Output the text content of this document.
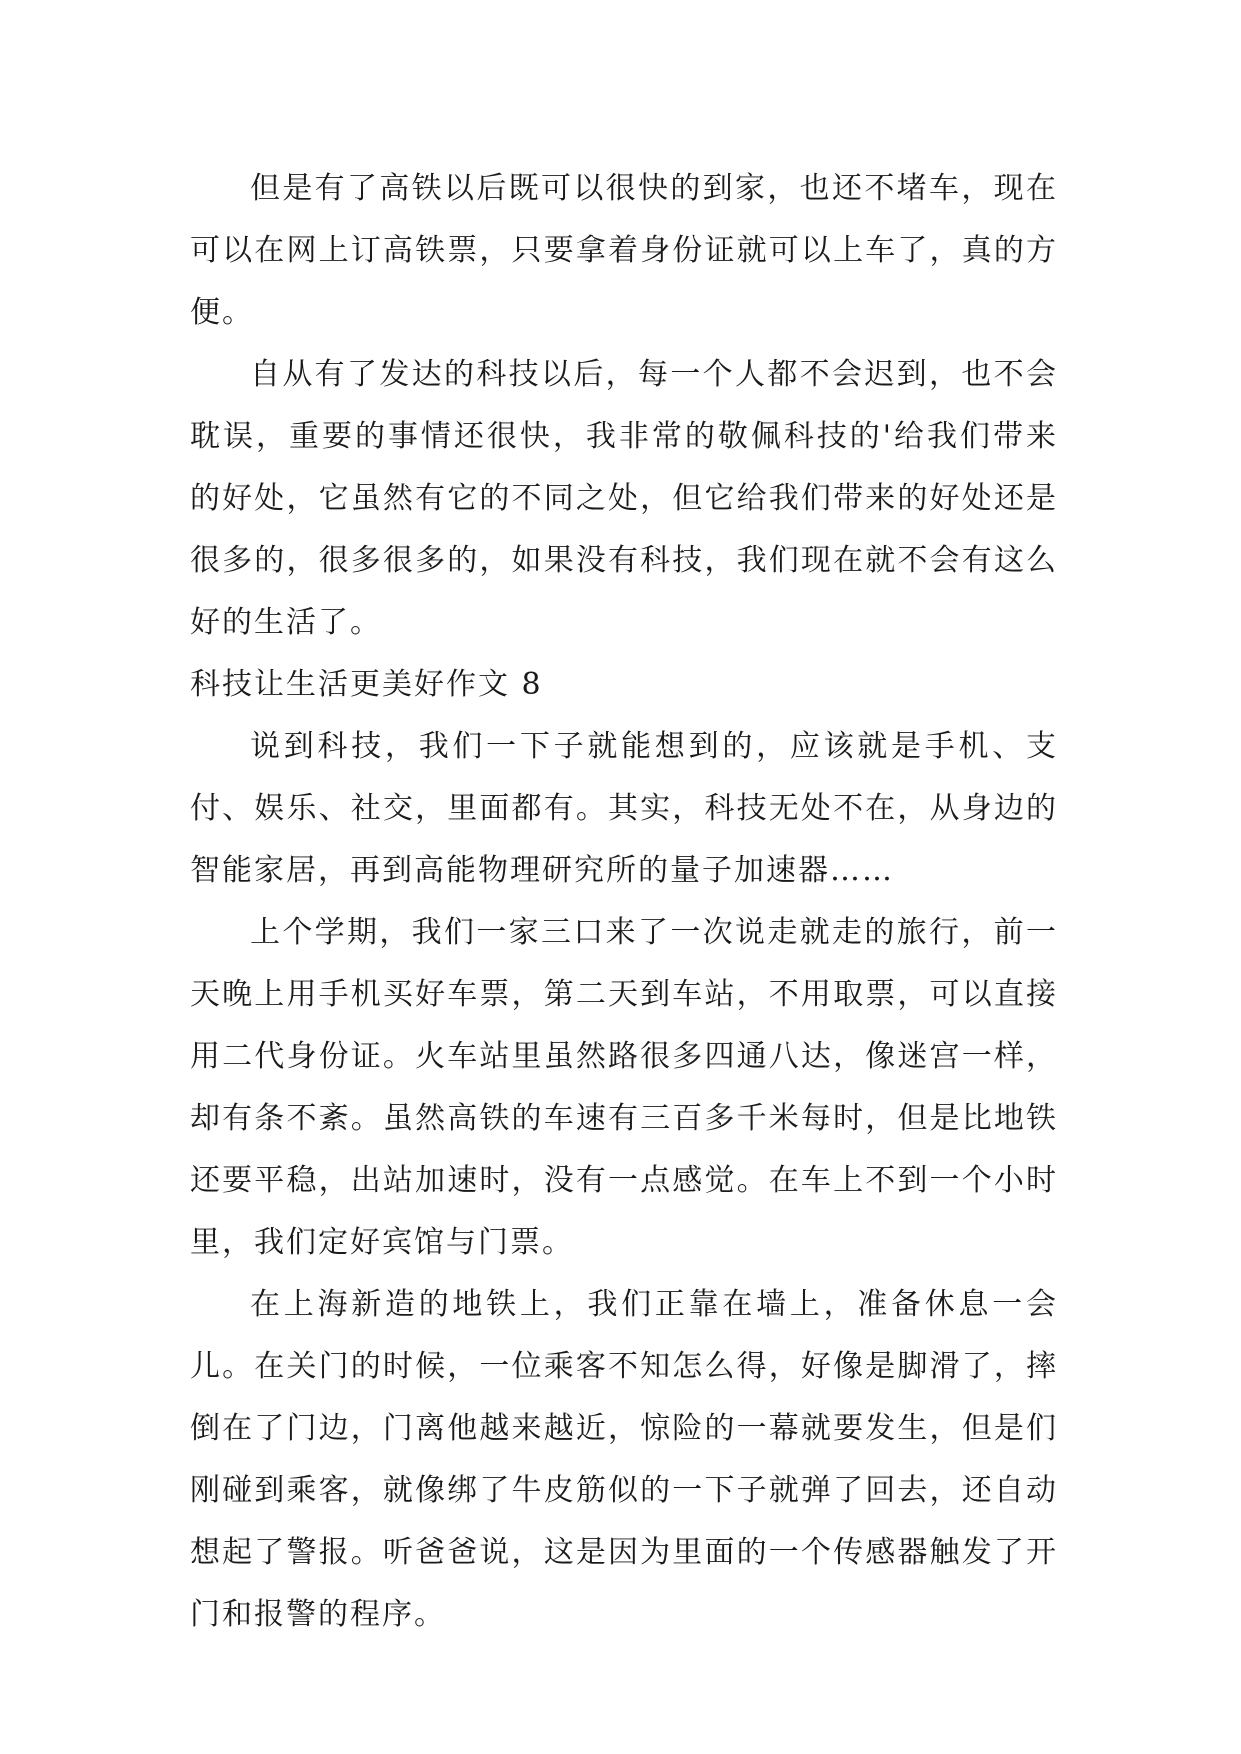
但是有了高铁以后既可以很快的到家，也还不堵车，现在可以在网上订高铁票，只要拿着身份证就可以上车了，真的方便。

自从有了发达的科技以后，每一个人都不会迟到，也不会耽误，重要的事情还很快，我非常的敬佩科技的'给我们带来的好处，它虽然有它的不同之处，但它给我们带来的好处还是很多的，很多很多的，如果没有科技，我们现在就不会有这么好的生活了。

科技让生活更美好作文 8

说到科技，我们一下子就能想到的，应该就是手机、支付、娱乐、社交，里面都有。其实，科技无处不在，从身边的智能家居，再到高能物理研究所的量子加速器……

上个学期，我们一家三口来了一次说走就走的旅行，前一天晚上用手机买好车票，第二天到车站，不用取票，可以直接用二代身份证。火车站里虽然路很多四通八达，像迷宫一样，却有条不紊。虽然高铁的车速有三百多千米每时，但是比地铁还要平稳，出站加速时，没有一点感觉。在车上不到一个小时里，我们定好宾馆与门票。

在上海新造的地铁上，我们正靠在墙上，准备休息一会儿。在关门的时候，一位乘客不知怎么得，好像是脚滑了，摔倒在了门边，门离他越来越近，惊险的一幕就要发生，但是们刚碰到乘客，就像绑了牛皮筋似的一下子就弹了回去，还自动想起了警报。听爸爸说，这是因为里面的一个传感器触发了开门和报警的程序。
